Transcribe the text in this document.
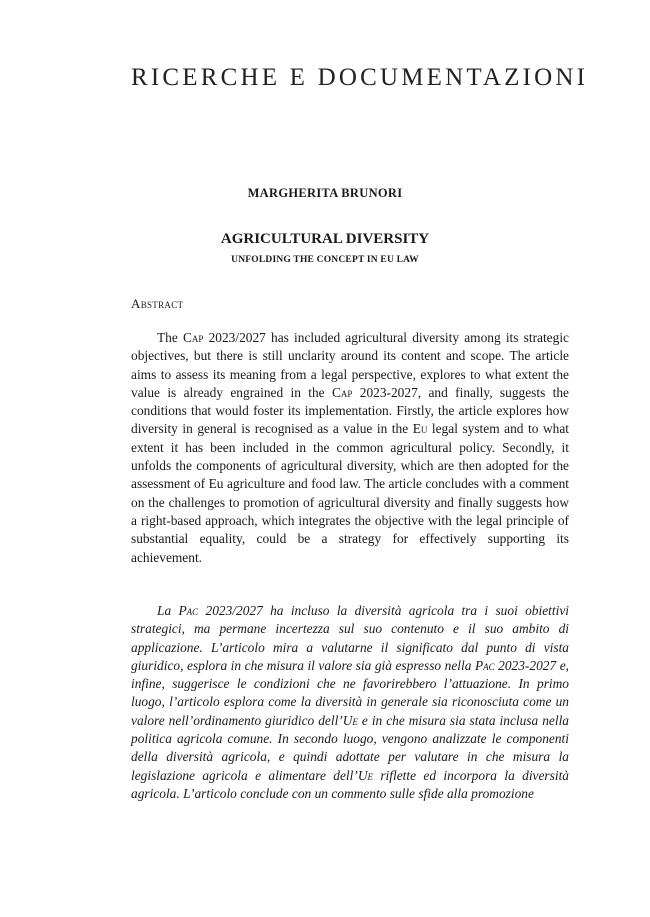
RICERCHE E DOCUMENTAZIONI
MARGHERITA BRUNORI
AGRICULTURAL DIVERSITY
UNFOLDING THE CONCEPT IN EU LAW
Abstract

The Cap 2023/2027 has included agricultural diversity among its strategic objectives, but there is still unclarity around its content and scope. The article aims to assess its meaning from a legal perspective, explores to what extent the value is already engrained in the Cap 2023-2027, and finally, suggests the conditions that would foster its implementation. Firstly, the article explores how diversity in general is recognised as a value in the Eu legal system and to what extent it has been included in the common agricultural policy. Secondly, it unfolds the components of agricultural diversity, which are then adopted for the assessment of Eu agriculture and food law. The article concludes with a comment on the challenges to promotion of agricultural diversity and finally suggests how a right-based approach, which integrates the objective with the legal principle of substantial equality, could be a strategy for effectively supporting its achievement.

La Pac 2023/2027 ha incluso la diversità agricola tra i suoi obiettivi strategici, ma permane incertezza sul suo contenuto e il suo ambito di applicazione. L’articolo mira a valutarne il significato dal punto di vista giuridico, esplora in che misura il valore sia già espresso nella Pac 2023-2027 e, infine, suggerisce le condizioni che ne favorirebbero l’attuazione. In primo luogo, l’articolo esplora come la diversità in generale sia riconosciuta come un valore nell’ordinamento giuridico dell’Ue e in che misura sia stata inclusa nella politica agricola comune. In secondo luogo, vengono analizzate le componenti della diversità agricola, e quindi adottate per valutare in che misura la legislazione agricola e alimentare dell’Ue riflette ed incorpora la diversità agricola. L’articolo conclude con un commento sulle sfide alla promozione
